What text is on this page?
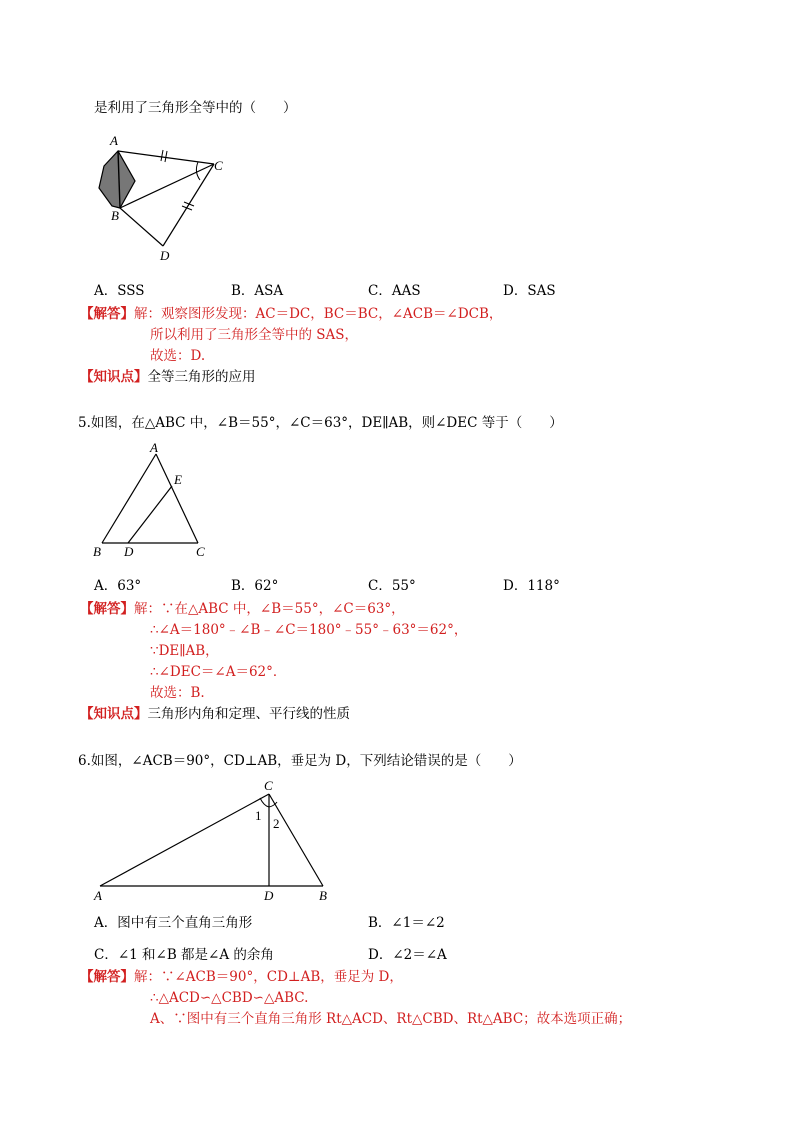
是利用了三角形全等中的（　　）
A
C
B
D
A．SSS	B．ASA	C．AAS	D．SAS
【解答】解：观察图形发现：AC＝DC，BC＝BC，∠ACB＝∠DCB，
所以利用了三角形全等中的 SAS，
故选：D.
【知识点】全等三角形的应用
5.如图，在△ABC 中，∠B＝55°，∠C＝63°，DE∥AB，则∠DEC 等于（　　）
A
E
B D	C
A．63°	B．62°	C．55°	D．118°
【解答】解：∵在△ABC 中，∠B＝55°，∠C＝63°，
∴∠A＝180°﹣∠B﹣∠C＝180°﹣55°﹣63°＝62°，
∵DE∥AB，
∴∠DEC＝∠A＝62°．
故选：B.
【知识点】三角形内角和定理、平行线的性质
6.如图，∠ACB＝90°，CD⊥AB，垂足为 D，下列结论错误的是（　　）
C
1
2
A	D	B
A．图中有三个直角三角形	B．∠1＝∠2
C．∠1 和∠B 都是∠A 的余角	D．∠2＝∠A
【解答】解：∵∠ACB＝90°，CD⊥AB，垂足为 D，
∴△ACD∽△CBD∽△ABC.
A、∵图中有三个直角三角形 Rt△ACD、Rt△CBD、Rt△ABC；故本选项正确；
